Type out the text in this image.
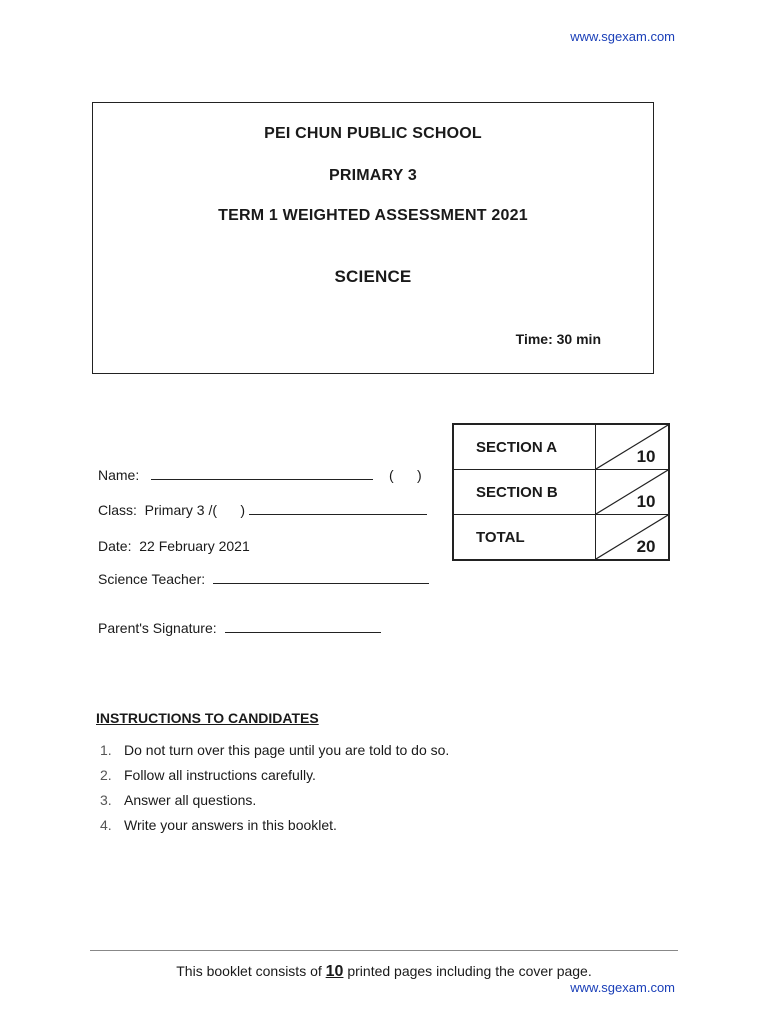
www.sgexam.com
PEI CHUN PUBLIC SCHOOL
PRIMARY 3
TERM 1 WEIGHTED ASSESSMENT 2021
SCIENCE
Time: 30 min
Name:	(      )
Class:  Primary 3 /(      )
Date:  22 February 2021
Science Teacher:
Parent's Signature:
SECTION A	10

SECTION B	10

TOTAL	20
INSTRUCTIONS TO CANDIDATES
1. Do not turn over this page until you are told to do so.
2. Follow all instructions carefully.
3. Answer all questions.
4. Write your answers in this booklet.
This booklet consists of 10 printed pages including the cover page.
www.sgexam.com
